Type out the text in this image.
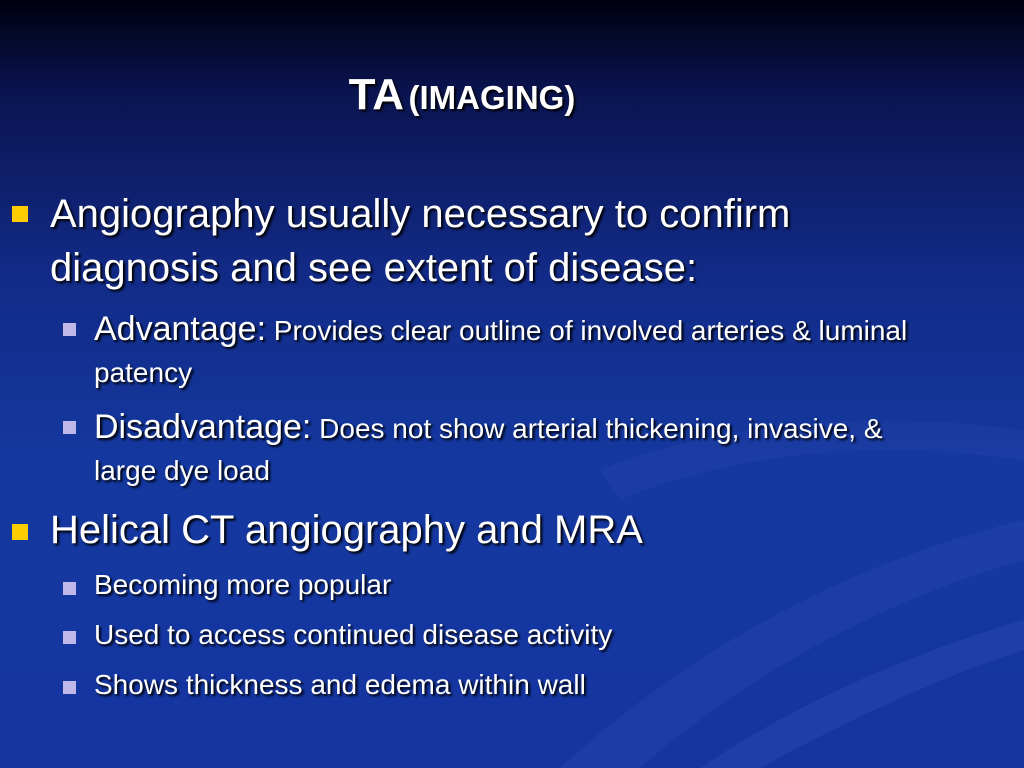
TA (IMAGING)
Angiography usually necessary to confirm
diagnosis and see extent of disease:
Advantage: Provides clear outline of involved arteries & luminal patency
Disadvantage: Does not show arterial thickening, invasive, & large dye load
Helical CT angiography and MRA
Becoming more popular
Used to access continued disease activity
Shows thickness and edema within wall
